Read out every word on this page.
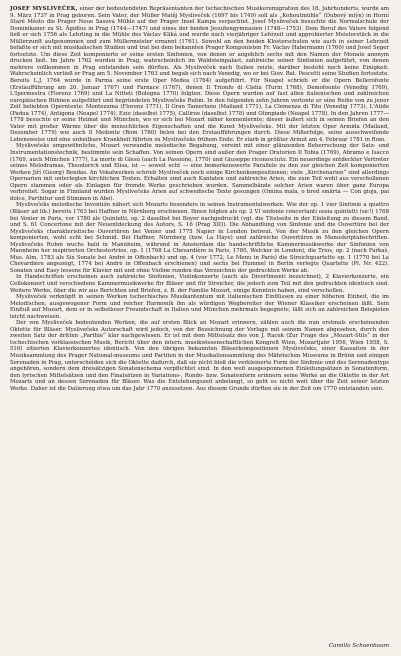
JOSEF MYSLIVEČEK, einer der bedeutendsten Repräsentanten der tschechischen Musikeremigration des 18. Jahrhunderts, wurde am 9. März 1737 in Prag geboren. Sein Vater, der Müller Matěj Mysliveček (1697 bis 1749) soll als „Kohoutmühle“ (Dubový mlýn) in Horní Staré Město die Prager Neue Sasova Mühle auf der Prager Insel Kampa verpachtet. Josef Mysliveček besuchte die Normalschule der Dominikaner zu St. Ägidius in Prag (1744—1747) und eines der beiden Jesuitengymnasien (1748—1753). Dem Beruf des Vaters folgend ließ er sich 1756 als Lehrling in die Mühle des Václav Kliká und wurde nach vierjähriger Lehrzeit und approbierter Meisterstück in die Müllerzunft aufgenommen und zum Müllermeister ernannt (1761). Sowohl an den beiden Klosterschulen wie auch in seiner Lehrzeit befaßte er sich mit musikalischen Studien und trat bei dem bekannten Prager Komponisten Fr. Václav Habermann (1760) und Josef Seger fortsetzte. Um diese Zeit komponierte er seine ersten Sinfonien, von denen er angeblich sechs mit den Namen der Monate anonym drucken ließ. Im Jahre 1762 wurden in Prag, wahrscheinlich im Waldsteinpalast, zahlreiche seiner Sinfonien aufgeführt, von denen mehrere vollkommen in Prag entstanden sein dürften. Als Mysliveček nach Italien reiste, darüber besteht noch keine Einigkeit. Wahrscheinlich verließ er Prag am 5. November 1763 und begab sich nach Venedig, wo er bei Giov. Bat. Pescetti seine Studien fortsetzte. Bereits L.J. 1764 wurde in Parma seine erste Oper Medea (1764) aufgeführt. Für Neapel schrieb er die Opern Bellerofonte (Erstaufführung am 20. Januar 1767) und Farnace (1767), denen Il Trionfo di Clelia (Turin 1768), Demofoonte (Venedig 1769), L'Ipermestra (Florenz 1769) und La Nitteti (Bologna 1770) folgten. Diese Opern wurden auf fast allen italienischen und zahlreichen europäischen Bühnen aufgeführt und begründeten Myslivečeks Ruhm. In den folgenden zehn Jahren vertonte er eine Reihe von zu jener Zeit beliebten Operntexte: Montezuma (Florenz 1771), Il Gran Tamerlano (Mailand 1771), La Clemenza di Tito (Venedig 1773), L'Atide (Padua 1774), Antigona (Neapel 1774), Ezio (daselbst 1775), Calliroe (daselbst 1778) und Olimpiade (Neapel 1778). In den Jahren 1777—1778 besuchte er seine Heimat und München, wo er sich bei Mozart näher kennenlernte; dieser äußert sich in seinen Briefen an den Vater mit großer Wärme über die menschlichen Eigenschaften und die Kunst Myslivečeks. Mit der letzten Oper Armida (Mailand, Dezember 1779) wie auch Il Medonte (Rom 1780) fielen bei den Erstaufführungen durch. Diese Mißerfolge, seine ausschweifende Lebensweise und eine unheilbare Krankheit führten zu Myslivečeks frühem Ende. Er starb in größter Armut am 4. Februar 1781 in Rom.

Myslivečeks umgewöhnliche, Mozart verwandte melodische Begabung, vereint mit einer glänzenden Beherrschung der Satz- und Instrumentationstechnik, bestimmte sein Schaffen. Von seinen Opern sind außer den Prager Oratorien Il Tobia (1769), Abramo e Isacco (1769, auch München 1777), La morte di Giesù (auch La Passione, 1770) und Giuseppe riconosciuto. Ein neuerdings entdeckter Vertreter seines Melodramas, Theodorich und Elisa, ist — soweit echt — eine bemerkenswerte Parallele zu den zur gleichen Zeit komponierten Werken Jiří (Georg) Bendas. An Vokalwerken schrieb Mysliveček noch einige Kirchenkompositionen; viele „Kirchenarien“ sind allerdings Opernarien mit unterlegten kirchlichen Texten. Erhalten sind auch Kantaten und zahlreiche Arien, die zum Teil wohl aus verschollenen Opern stammen oder als Einlagen für fremde Werke geschrieben wurden. Sammelbände solcher Arien waren über ganz Europa verbreitet. Sogar in Finnland wurden Myslivečeks Arien auf schwedische Texte gesungen (Omina mala, o bred smärta — Con gioja, pai dolce, Parthitur und Stimmen in Abo).

Myslivečeks melodische Inventión nähert sich Mozarts besonders in seinen Instrumentalwerken. Wie der op. 1 vier Sinfonie a quattro (Bläser ad lib.) bereits 1763 bei Haffner in Nürnberg erschienen. Ihnen folgten als op. 2 VI sinfonie concertanti ossia quintetti (sic!) 1768 bei Venier in Paris, vor 1780 als Quintetti, op. 2 daselbst bei Boyer nachgedruckt (vgl. die Titelseite in der Einleitung zu diesem Band, und S. 61 Concertone mit der Neuentdeckung des Autors, S. 16 (Prag XII)). Die Abhandlung von Sinfonie und die Ouvertüre bei der Myslivečeks charakteristische Ouvertüren bei Venier und 1775 Napier in London betreut. Von der Musik zu den gleichen Opern komponierten, wohl echt bei Schmid. Bei Haffner, Nürnberg (bzw. La Haye) und zahlreiche Ouvertüren in Manuskriptabschriften. Myslivečeks Ruhm wuchs bald in Mannheim, während in Amsterdam die handschriftliche Kammermusikwerke der Sinfonien von Mannheim her inspirierten Orchestertrios, op. 1 (1768 La Chevardière in Paris, 1780, Welcker in London), die Trios, op. 2 (nach Farkaš, Mus. Alm. 1783 als Six Sonate bei André in Offenbach) und op. 4 (vor 1772, Le Menu in Paris) die Streichquartette op. 1 (1770 bei La Chevardière angezeigt, 1774 bei André in Offenbach erschienen) und sechs bei Hummel in Berlin verlegte Quartette (Pl. Nr. 422). Sonaten und Easy lessons für Klavier mit und ohne Violine runden das Verzeichnis der gedruckten Werke ab.

In Handschriften erscheinen auch zahlreiche Sinfonien, Violinkonzerte (auch als Divertimenti bezeichnet), 2 Klavierkonzerte, ein Cellokonzert und verschiedene Kammermusikwerke für Bläser und für Streicher, die jedoch zum Teil mit den gedruckten identisch sind. Weitere Werke, über die wir aus Berichten und Briefen, z. B. der Familie Mozart, einige Kenntnis haben, sind verschollen.

Mysliveček verknüpft in seinen Werken tschechisches Musikantentum mit italienischen Einflüssen zu einer höheren Einheit, die im Melodischen, ausgewogener Form und reicher Harmonik ihn als würdigen Wegbereiter der Wiener Klassiker erscheinen läßt. Sein Einfluß auf Mozart, dem er in selbstloser Freundschaft in Italien und München mehrmals begegnete, läßt sich an zahlreichen Beispielen leicht nachweisen.

Der von Mysliveček bedeutenden Werken, die auf ersten Blick an Mozart erinnern, zählen auch die nun erstmals erscheinenden Oktette für Bläser. Myslivečeks Autorschaft wird jedoch, von der Bezeichnung der Vorlage mit seinem Namen abgesehen, durch den zweiten Satz der dritten „Parthie“ klar nachgewiesen. Er ist mit dem Mittelsatz des von J. Racek (Zur Frage des „Mozart-Stils“ in der tschechischen vorklassischen Musik, Bericht über den intern. musikwissenschaftlichen Kongreß Wien, Mozartjahr 1956, Wien 1958, S. 516) zitierten Klavierkonzertes identisch. Von den übrigen bekannten Bläserkompositionen Myslivečeks, einer Kassation in der Musiksammlung des Prager National-museums und Partiten in der Musikaliensammlung des Mährischen Museums in Brünn und einigen Serenaden in Prag, unterscheiden sich die Oktette dadurch, daß sie nicht bloß die verkleinerte Form der Sinfonie und des Serenadentyps angehören, sondern dem dreisätzigen Sonatenschema verpflichtet sind. In den weit ausgesponnenen Einleitungsätzen in Sonatenform, den lyrischen Mittelsätzen und den Finalsätzen in Variations-, Rondo- bzw. Sonatenform erinnern seine Werke an die Oktette in der Art Mozarts und an dessen Serenaden für Bläser. Was die Entstehungszeit anbelangt, so geht es nicht weit über die Zeit seiner letzten Werke. Daher ist die Datierung etwa um das Jahr 1770 anzusetzen. Aus diesem Grunde dürften sie in der Zeit um 1770 entstanden sein.

Camillo Schoenbaum
